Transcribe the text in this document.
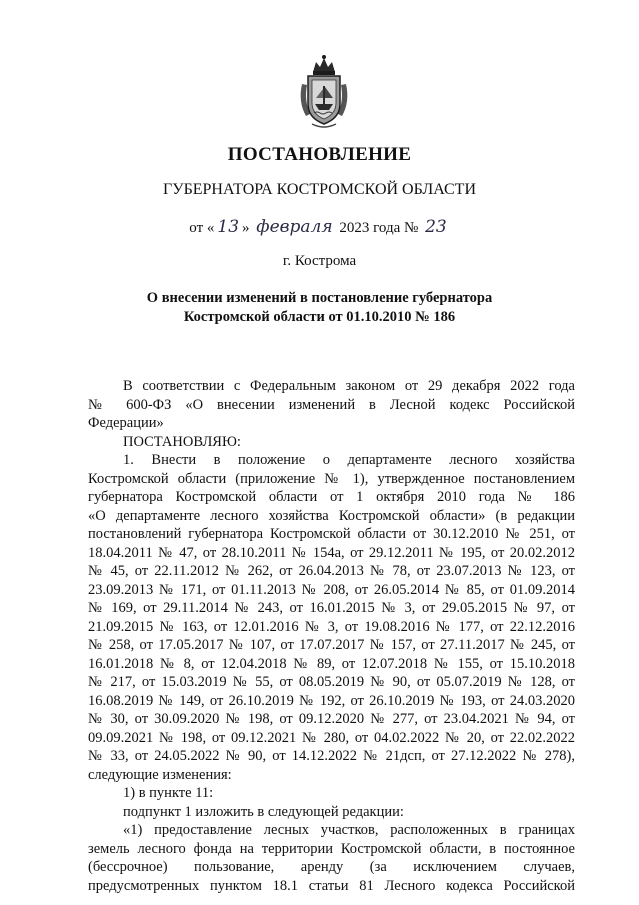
ПОСТАНОВЛЕНИЕ
ГУБЕРНАТОРА КОСТРОМСКОЙ ОБЛАСТИ
от « 13 » февраля 2023 года № 23
г. Кострома
О внесении изменений в постановление губернатора
Костромской области от 01.10.2010 № 186
В соответствии с Федеральным законом от 29 декабря 2022 года
№ 600-ФЗ «О внесении изменений в Лесной кодекс Российской
Федерации»
ПОСТАНОВЛЯЮ:
1. Внести в положение о департаменте лесного хозяйства
Костромской области (приложение № 1), утвержденное постановлением
губернатора Костромской области от 1 октября 2010 года № 186
«О департаменте лесного хозяйства Костромской области» (в редакции
постановлений губернатора Костромской области от 30.12.2010 № 251, от
18.04.2011 № 47, от 28.10.2011 № 154а, от 29.12.2011 № 195, от 20.02.2012
№ 45, от 22.11.2012 № 262, от 26.04.2013 № 78, от 23.07.2013 № 123, от
23.09.2013 № 171, от 01.11.2013 № 208, от 26.05.2014 № 85, от 01.09.2014
№ 169, от 29.11.2014 № 243, от 16.01.2015 № 3, от 29.05.2015 № 97, от
21.09.2015 № 163, от 12.01.2016 № 3, от 19.08.2016 № 177, от 22.12.2016
№ 258, от 17.05.2017 № 107, от 17.07.2017 № 157, от 27.11.2017 № 245, от
16.01.2018 № 8, от 12.04.2018 № 89, от 12.07.2018 № 155, от 15.10.2018
№ 217, от 15.03.2019 № 55, от 08.05.2019 № 90, от 05.07.2019 № 128, от
16.08.2019 № 149, от 26.10.2019 № 192, от 26.10.2019 № 193, от 24.03.2020
№ 30, от 30.09.2020 № 198, от 09.12.2020 № 277, от 23.04.2021 № 94, от
09.09.2021 № 198, от 09.12.2021 № 280, от 04.02.2022 № 20, от 22.02.2022
№ 33, от 24.05.2022 № 90, от 14.12.2022 № 21дсп, от 27.12.2022 № 278),
следующие изменения:
1) в пункте 11:
подпункт 1 изложить в следующей редакции:
«1) предоставление лесных участков, расположенных в границах
земель лесного фонда на территории Костромской области, в постоянное
(бессрочное) пользование, аренду (за исключением случаев,
предусмотренных пунктом 18.1 статьи 81 Лесного кодекса Российской
